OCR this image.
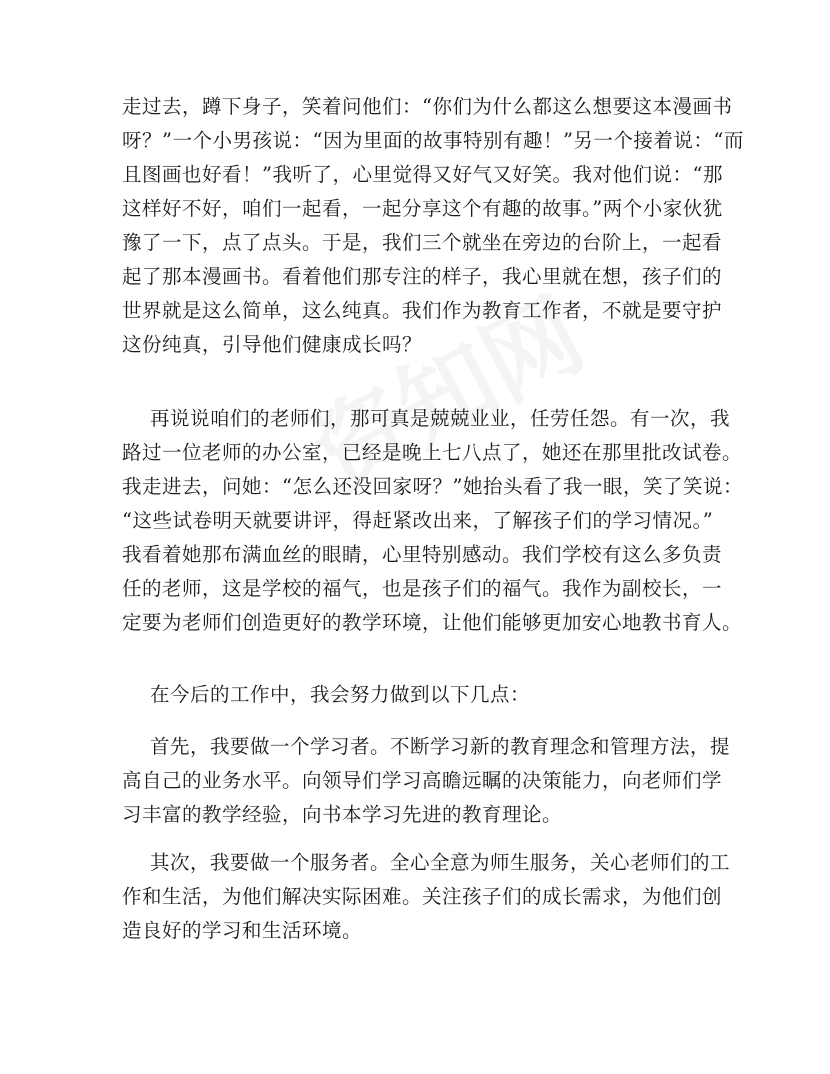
走过去，蹲下身子，笑着问他们：“你们为什么都这么想要这本漫画书
呀？”一个小男孩说：“因为里面的故事特别有趣！”另一个接着说：“而
且图画也好看！”我听了，心里觉得又好气又好笑。我对他们说：“那
这样好不好，咱们一起看，一起分享这个有趣的故事。”两个小家伙犹
豫了一下，点了点头。于是，我们三个就坐在旁边的台阶上，一起看
起了那本漫画书。看着他们那专注的样子，我心里就在想，孩子们的
世界就是这么简单，这么纯真。我们作为教育工作者，不就是要守护
这份纯真，引导他们健康成长吗？

再说说咱们的老师们，那可真是兢兢业业，任劳任怨。有一次，我
路过一位老师的办公室，已经是晚上七八点了，她还在那里批改试卷。
我走进去，问她：“怎么还没回家呀？”她抬头看了我一眼，笑了笑说：
“这些试卷明天就要讲评，得赶紧改出来，了解孩子们的学习情况。”
我看着她那布满血丝的眼睛，心里特别感动。我们学校有这么多负责
任的老师，这是学校的福气，也是孩子们的福气。我作为副校长，一
定要为老师们创造更好的教学环境，让他们能够更加安心地教书育人。

在今后的工作中，我会努力做到以下几点：

首先，我要做一个学习者。不断学习新的教育理念和管理方法，提
高自己的业务水平。向领导们学习高瞻远瞩的决策能力，向老师们学
习丰富的教学经验，向书本学习先进的教育理论。

其次，我要做一个服务者。全心全意为师生服务，关心老师们的工
作和生活，为他们解决实际困难。关注孩子们的成长需求，为他们创
造良好的学习和生活环境。
